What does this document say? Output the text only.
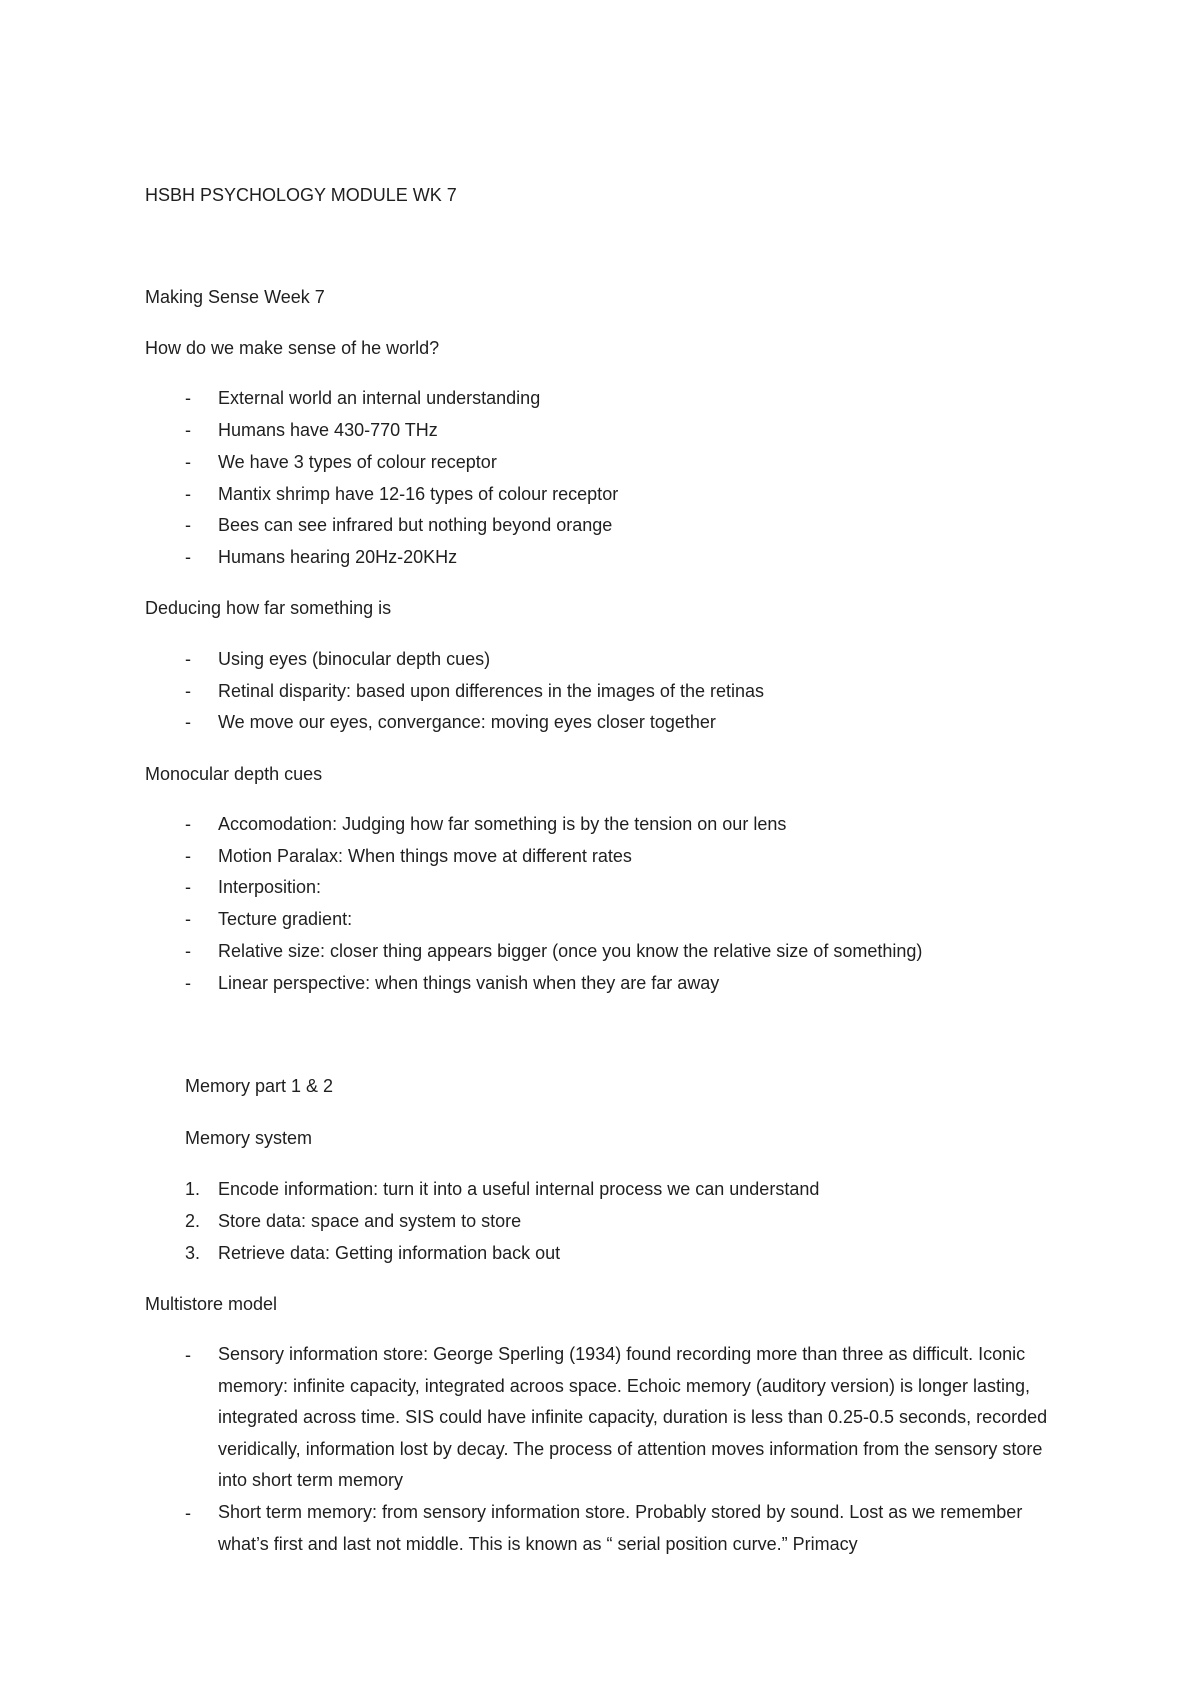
HSBH PSYCHOLOGY MODULE WK 7

Making Sense Week 7

How do we make sense of he world?

-	External world an internal understanding
-	Humans have 430-770 THz
-	We have 3 types of colour receptor
-	Mantix shrimp have 12-16 types of colour receptor
-	Bees can see infrared but nothing beyond orange
-	Humans hearing 20Hz-20KHz

Deducing how far something is

-	Using eyes (binocular depth cues)
-	Retinal disparity: based upon differences in the images of the retinas
-	We move our eyes, convergance: moving eyes closer together

Monocular depth cues

-	Accomodation: Judging how far something is by the tension on our lens
-	Motion Paralax: When things move at different rates
-	Interposition:
-	Tecture gradient:
-	Relative size: closer thing appears bigger (once you know the relative size of something)
-	Linear perspective: when things vanish when they are far away

Memory part 1 & 2

Memory system

1. Encode information: turn it into a useful internal process we can understand
2. Store data: space and system to store
3. Retrieve data: Getting information back out

Multistore model

- Sensory information store: George Sperling (1934) found recording more than three as difficult. Iconic memory: infinite capacity, integrated acroos space. Echoic memory (auditory version) is longer lasting, integrated across time. SIS could have infinite capacity, duration is less than 0.25-0.5 seconds, recorded veridically, information lost by decay. The process of attention moves information from the sensory store into short term memory

- Short term memory: from sensory information store. Probably stored by sound. Lost as we remember what’s first and last not middle. This is known as “ serial position curve.” Primacy
